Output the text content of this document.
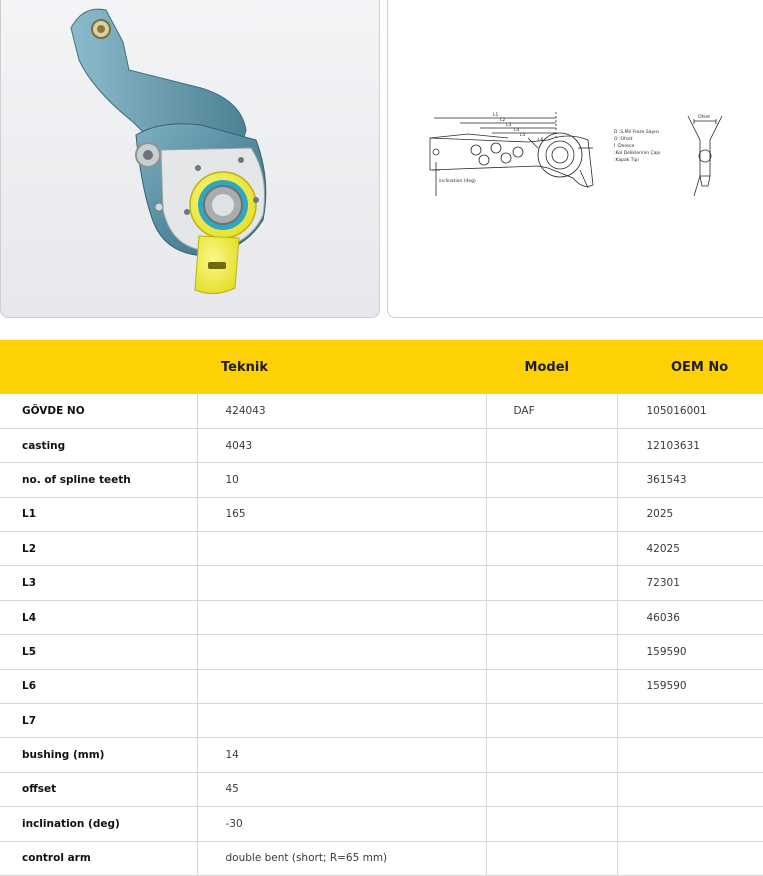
L1
L2
L3
L4
L5
L6
inclination (deg)
Ofset
D :S.Mil Freze Sayısı
O :Ofset
I :Derece
:Kol Deliklerinin Çapı
:Kapak Tipi
	Teknik	Model	OEM No
GÖVDE NO	424043	DAF	105016001
casting	4043		12103631
no. of spline teeth	10		361543
L1	165		2025
L2			42025
L3			72301
L4			46036
L5			159590
L6			159590
L7			
bushing (mm)	14		
offset	45		
inclination (deg)	-30		
control arm	double bent (short; R=65 mm)		
